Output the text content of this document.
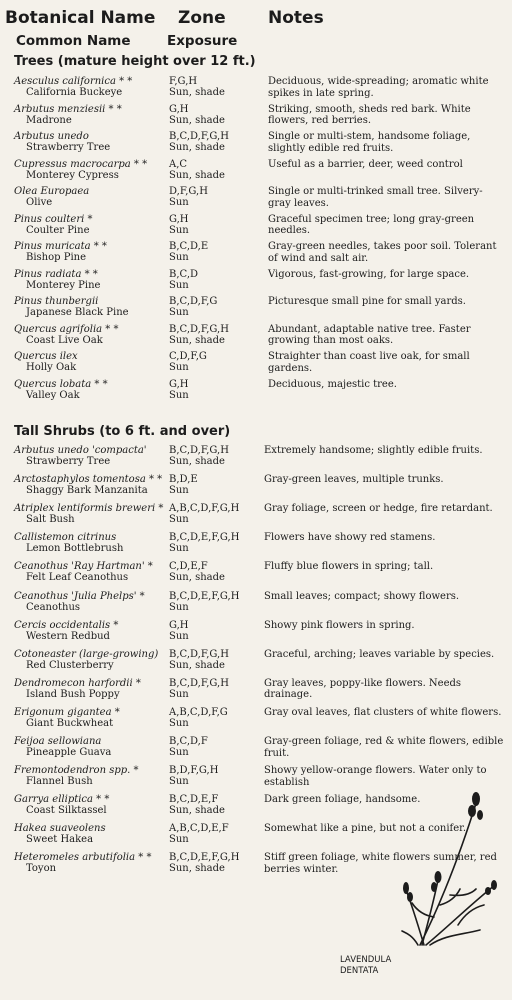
Botanical Name Zone Notes
Common Name	Exposure
Trees (mature height over 12 ft.)
Tall Shrubs (to 6 ft. and over)
Aesculus californica * *
California Buckeye
F,G,H
Sun, shade
Deciduous, wide-spreading; aromatic white spikes in late spring.
Arbutus menziesii * *
Madrone
G,H
Sun, shade
Striking, smooth, sheds red bark. White flowers, red berries.
Arbutus unedo
Strawberry Tree
B,C,D,F,G,H
Sun, shade
Single or multi-stem, handsome foliage, slightly edible red fruits.
Cupressus macrocarpa * *
Monterey Cypress
A,C
Sun, shade
Useful as a barrier, deer, weed control
Olea Europaea
Olive
D,F,G,H
Sun
Single or multi-trinked small tree. Silvery-gray leaves.
Pinus coulteri *
Coulter Pine
G,H
Sun
Graceful specimen tree; long gray-green needles.
Pinus muricata * *
Bishop Pine
B,C,D,E
Sun
Gray-green needles, takes poor soil. Tolerant of wind and salt air.
Pinus radiata * *
Monterey Pine
B,C,D
Sun
Vigorous, fast-growing, for large space.
Pinus thunbergii
Japanese Black Pine
B,C,D,F,G
Sun
Picturesque small pine for small yards.
Quercus agrifolia * *
Coast Live Oak
B,C,D,F,G,H
Sun, shade
Abundant, adaptable native tree. Faster growing than most oaks.
Quercus ilex
Holly Oak
C,D,F,G
Sun
Straighter than coast live oak, for small gardens.
Quercus lobata * *
Valley Oak
G,H
Sun
Deciduous, majestic tree.
Arbutus unedo 'compacta'
Strawberry Tree
B,C,D,F,G,H
Sun, shade
Extremely handsome; slightly edible fruits.
Arctostaphylos tomentosa * *
Shaggy Bark Manzanita
B,D,E
Sun
Gray-green leaves, multiple trunks.
Atriplex lentiformis breweri *
Salt Bush
A,B,C,D,F,G,H
Sun
Gray foliage, screen or hedge, fire retardant.
Callistemon citrinus
Lemon Bottlebrush
B,C,D,E,F,G,H
Sun
Flowers have showy red stamens.
Ceanothus 'Ray Hartman' *
Felt Leaf Ceanothus
C,D,E,F
Sun, shade
Fluffy blue flowers in spring; tall.
Ceanothus 'Julia Phelps' *
Ceanothus
B,C,D,E,F,G,H
Sun
Small leaves; compact; showy flowers.
Cercis occidentalis *
Western Redbud
G,H
Sun
Showy pink flowers in spring.
Cotoneaster (large-growing)
Red Clusterberry
B,C,D,F,G,H
Sun, shade
Graceful, arching; leaves variable by species.
Dendromecon harfordii *
Island Bush Poppy
B,C,D,F,G,H
Sun
Gray leaves, poppy-like flowers. Needs drainage.
Erigonum gigantea *
Giant Buckwheat
A,B,C,D,F,G
Sun
Gray oval leaves, flat clusters of white flowers.
Feijoa sellowiana
Pineapple Guava
B,C,D,F
Sun
Gray-green foliage, red & white flowers, edible fruit.
Fremontodendron spp. *
Flannel Bush
B,D,F,G,H
Sun
Showy yellow-orange flowers. Water only to establish
Garrya elliptica * *
Coast Silktassel
B,C,D,E,F
Sun, shade
Dark green foliage, handsome.
Hakea suaveolens
Sweet Hakea
A,B,C,D,E,F
Sun
Somewhat like a pine, but not a conifer.
Heteromeles arbutifolia * *
Toyon
B,C,D,E,F,G,H
Sun, shade
Stiff green foliage, white flowers summer, red berries winter.
LAVENDULA
DENTATA
